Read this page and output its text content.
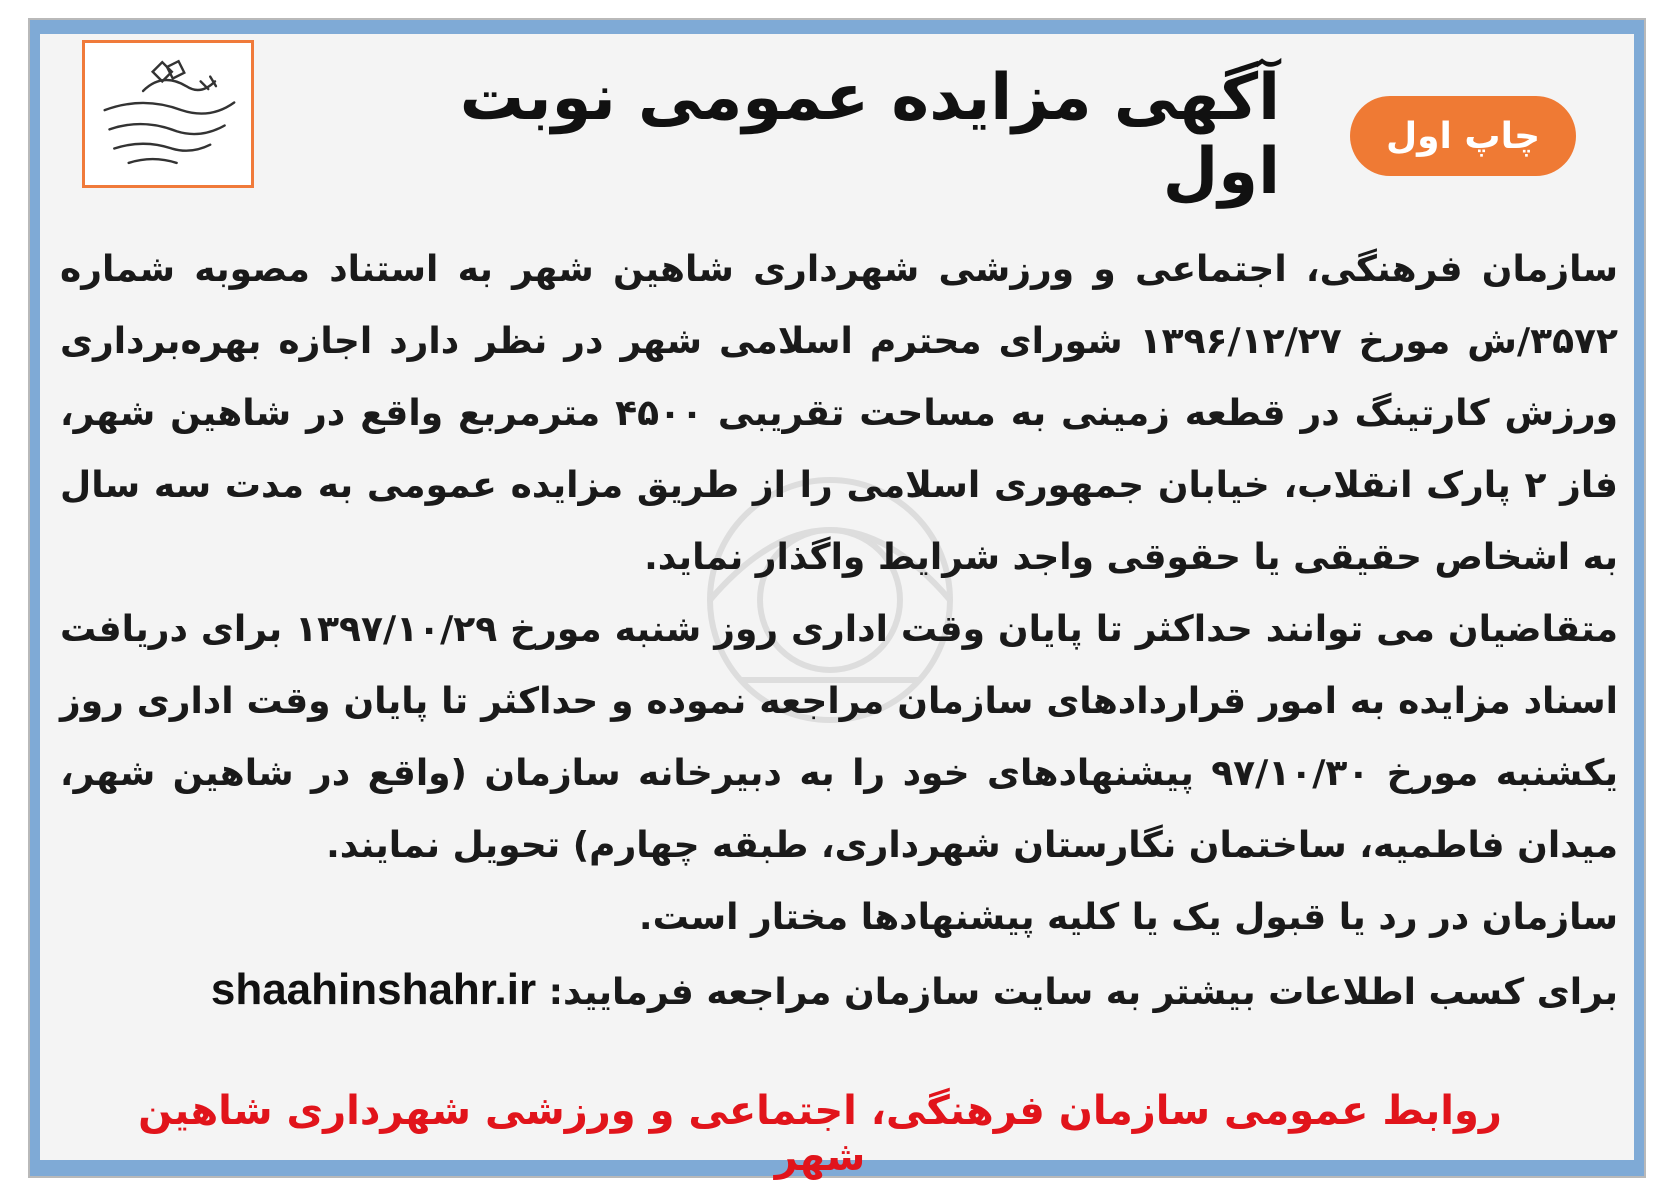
چاپ اول
آگهی مزایده عمومی نوبت اول

سازمان فرهنگی، اجتماعی و ورزشی شهرداری شاهین شهر به استناد مصوبه شماره ۳۵۷۲/ش مورخ ۱۳۹۶/۱۲/۲۷ شورای محترم اسلامی شهر در نظر دارد اجازه بهره‌برداری ورزش کارتینگ در قطعه زمینی به مساحت تقریبی ۴۵۰۰ مترمربع واقع در شاهین شهر، فاز ۲ پارک انقلاب، خیابان جمهوری اسلامی را از طریق مزایده عمومی به مدت سه سال به اشخاص حقیقی یا حقوقی واجد شرایط واگذار نماید.

متقاضیان می توانند حداکثر تا پایان وقت اداری روز شنبه مورخ ۱۳۹۷/۱۰/۲۹ برای دریافت اسناد مزایده به امور قراردادهای سازمان مراجعه نموده و حداکثر تا پایان وقت اداری روز یکشنبه مورخ ۹۷/۱۰/۳۰ پیشنهادهای خود را به دبیرخانه سازمان (واقع در شاهین شهر، میدان فاطمیه، ساختمان نگارستان شهرداری، طبقه چهارم) تحویل نمایند.

سازمان در رد یا قبول یک یا کلیه پیشنهادها مختار است.

برای کسب اطلاعات بیشتر به سایت سازمان مراجعه فرمایید: shaahinshahr.ir

روابط عمومی سازمان فرهنگی، اجتماعی و ورزشی شهرداری شاهین شهر
